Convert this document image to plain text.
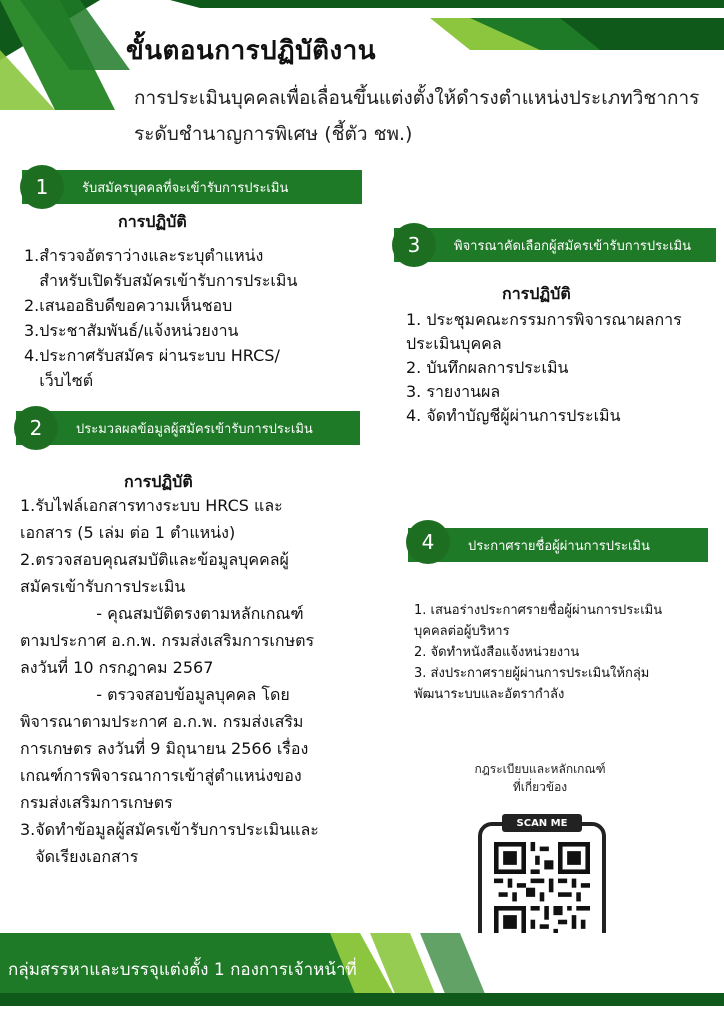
ขั้นตอนการปฏิบัติงาน
การประเมินบุคคลเพื่อเลื่อนขึ้นแต่งตั้งให้ดำรงตำแหน่งประเภทวิชาการระดับชำนาญการพิเศษ (ชี้ตัว ชพ.)
รับสมัครบุคคลที่จะเข้ารับการประเมิน
1
การปฏิบัติ
1.สำรวจอัตราว่างและระบุตำแหน่ง
สำหรับเปิดรับสมัครเข้ารับการประเมิน
2.เสนออธิบดีขอความเห็นชอบ
3.ประชาสัมพันธ์/แจ้งหน่วยงาน
4.ประกาศรับสมัคร ผ่านระบบ HRCS/
เว็บไซต์
ประมวลผลข้อมูลผู้สมัครเข้ารับการประเมิน
2
การปฏิบัติ
1.รับไฟล์เอกสารทางระบบ HRCS และ
เอกสาร (5 เล่ม ต่อ 1 ตำแหน่ง)
2.ตรวจสอบคุณสมบัติและข้อมูลบุคคลผู้
สมัครเข้ารับการประเมิน
- คุณสมบัติตรงตามหลักเกณฑ์
ตามประกาศ อ.ก.พ. กรมส่งเสริมการเกษตร
ลงวันที่ 10 กรกฎาคม 2567
- ตรวจสอบข้อมูลบุคคล โดย
พิจารณาตามประกาศ อ.ก.พ. กรมส่งเสริม
การเกษตร ลงวันที่ 9 มิถุนายน 2566 เรื่อง
เกณฑ์การพิจารณาการเข้าสู่ตำแหน่งของ
กรมส่งเสริมการเกษตร
3.จัดทำข้อมูลผู้สมัครเข้ารับการประเมินและ
จัดเรียงเอกสาร
พิจารณาคัดเลือกผู้สมัครเข้ารับการประเมิน
3
การปฏิบัติ
1. ประชุมคณะกรรมการพิจารณาผลการ
ประเมินบุคคล
2. บันทึกผลการประเมิน
3. รายงานผล
4. จัดทำบัญชีผู้ผ่านการประเมิน
ประกาศรายชื่อผู้ผ่านการประเมิน
4
1. เสนอร่างประกาศรายชื่อผู้ผ่านการประเมิน
บุคคลต่อผู้บริหาร
2. จัดทำหนังสือแจ้งหน่วยงาน
3. ส่งประกาศรายผู้ผ่านการประเมินให้กลุ่ม
พัฒนาระบบและอัตรากำลัง
กฎระเบียบและหลักเกณฑ์
ที่เกี่ยวข้อง
SCAN ME
กลุ่มสรรหาและบรรจุแต่งตั้ง 1 กองการเจ้าหน้าที่
